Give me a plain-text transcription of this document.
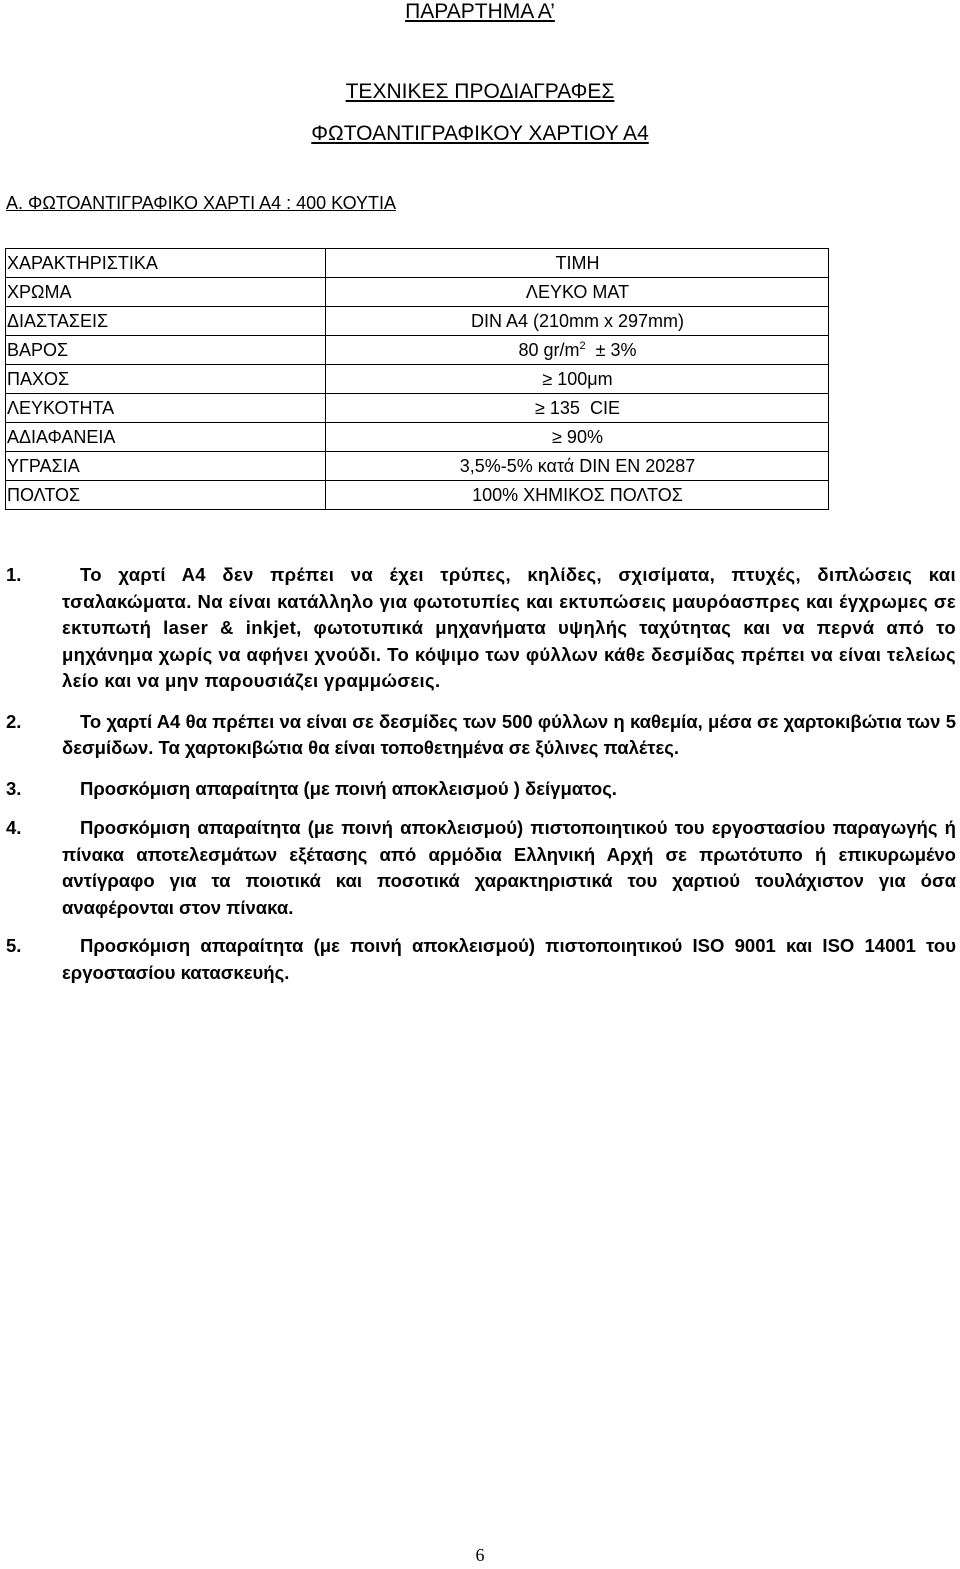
ΠΑΡΑΡΤΗΜΑ Α’
ΤΕΧΝΙΚΕΣ ΠΡΟΔΙΑΓΡΑΦΕΣ
ΦΩΤΟΑΝΤΙΓΡΑΦΙΚΟΥ ΧΑΡΤΙΟΥ Α4
Α. ΦΩΤΟΑΝΤΙΓΡΑΦΙΚΟ ΧΑΡΤΙ Α4 : 400 ΚΟΥΤΙΑ
ΧΑΡΑΚΤΗΡΙΣΤΙΚΑ	ΤΙΜΗ
ΧΡΩΜΑ	ΛΕΥΚΟ ΜΑΤ
ΔΙΑΣΤΑΣΕΙΣ	DIN A4 (210mm x 297mm)
ΒΑΡΟΣ	80 $gr/m^2 \pm 3\%$
ΠΑΧΟΣ	≥ 100μm
ΛΕΥΚΟΤΗΤΑ	≥ 135  CIE
ΑΔΙΑΦΑΝΕΙΑ	≥ 90%
ΥΓΡΑΣΙΑ	3,5%-5% κατά DIN EN 20287
ΠΟΛΤΟΣ	100% ΧΗΜΙΚΟΣ ΠΟΛΤΟΣ
1.	Το χαρτί Α4 δεν πρέπει να έχει τρύπες, κηλίδες, σχισίματα, πτυχές, διπλώσεις και τσαλακώματα. Να είναι κατάλληλο για φωτοτυπίες και εκτυπώσεις μαυρόασπρες και έγχρωμες σε εκτυπωτή laser & inkjet, φωτοτυπικά μηχανήματα υψηλής ταχύτητας και να περνά από το μηχάνημα χωρίς να αφήνει χνούδι. Το κόψιμο των φύλλων κάθε δεσμίδας πρέπει να είναι τελείως λείο και να μην παρουσιάζει γραμμώσεις.
2.	Το χαρτί Α4 θα πρέπει να είναι σε δεσμίδες των 500 φύλλων η καθεμία, μέσα σε χαρτοκιβώτια των 5 δεσμίδων. Τα χαρτοκιβώτια θα είναι τοποθετημένα σε ξύλινες παλέτες.
3.	Προσκόμιση απαραίτητα (με ποινή αποκλεισμού ) δείγματος.
4.	Προσκόμιση απαραίτητα (με ποινή αποκλεισμού) πιστοποιητικού του εργοστασίου παραγωγής ή πίνακα αποτελεσμάτων εξέτασης από αρμόδια Ελληνική Αρχή σε πρωτότυπο ή επικυρωμένο αντίγραφο για τα ποιοτικά και ποσοτικά χαρακτηριστικά του χαρτιού τουλάχιστον για όσα αναφέρονται στον πίνακα.
5.	Προσκόμιση απαραίτητα (με ποινή αποκλεισμού) πιστοποιητικού ISO 9001 και ISO 14001 του εργοστασίου κατασκευής.
6
